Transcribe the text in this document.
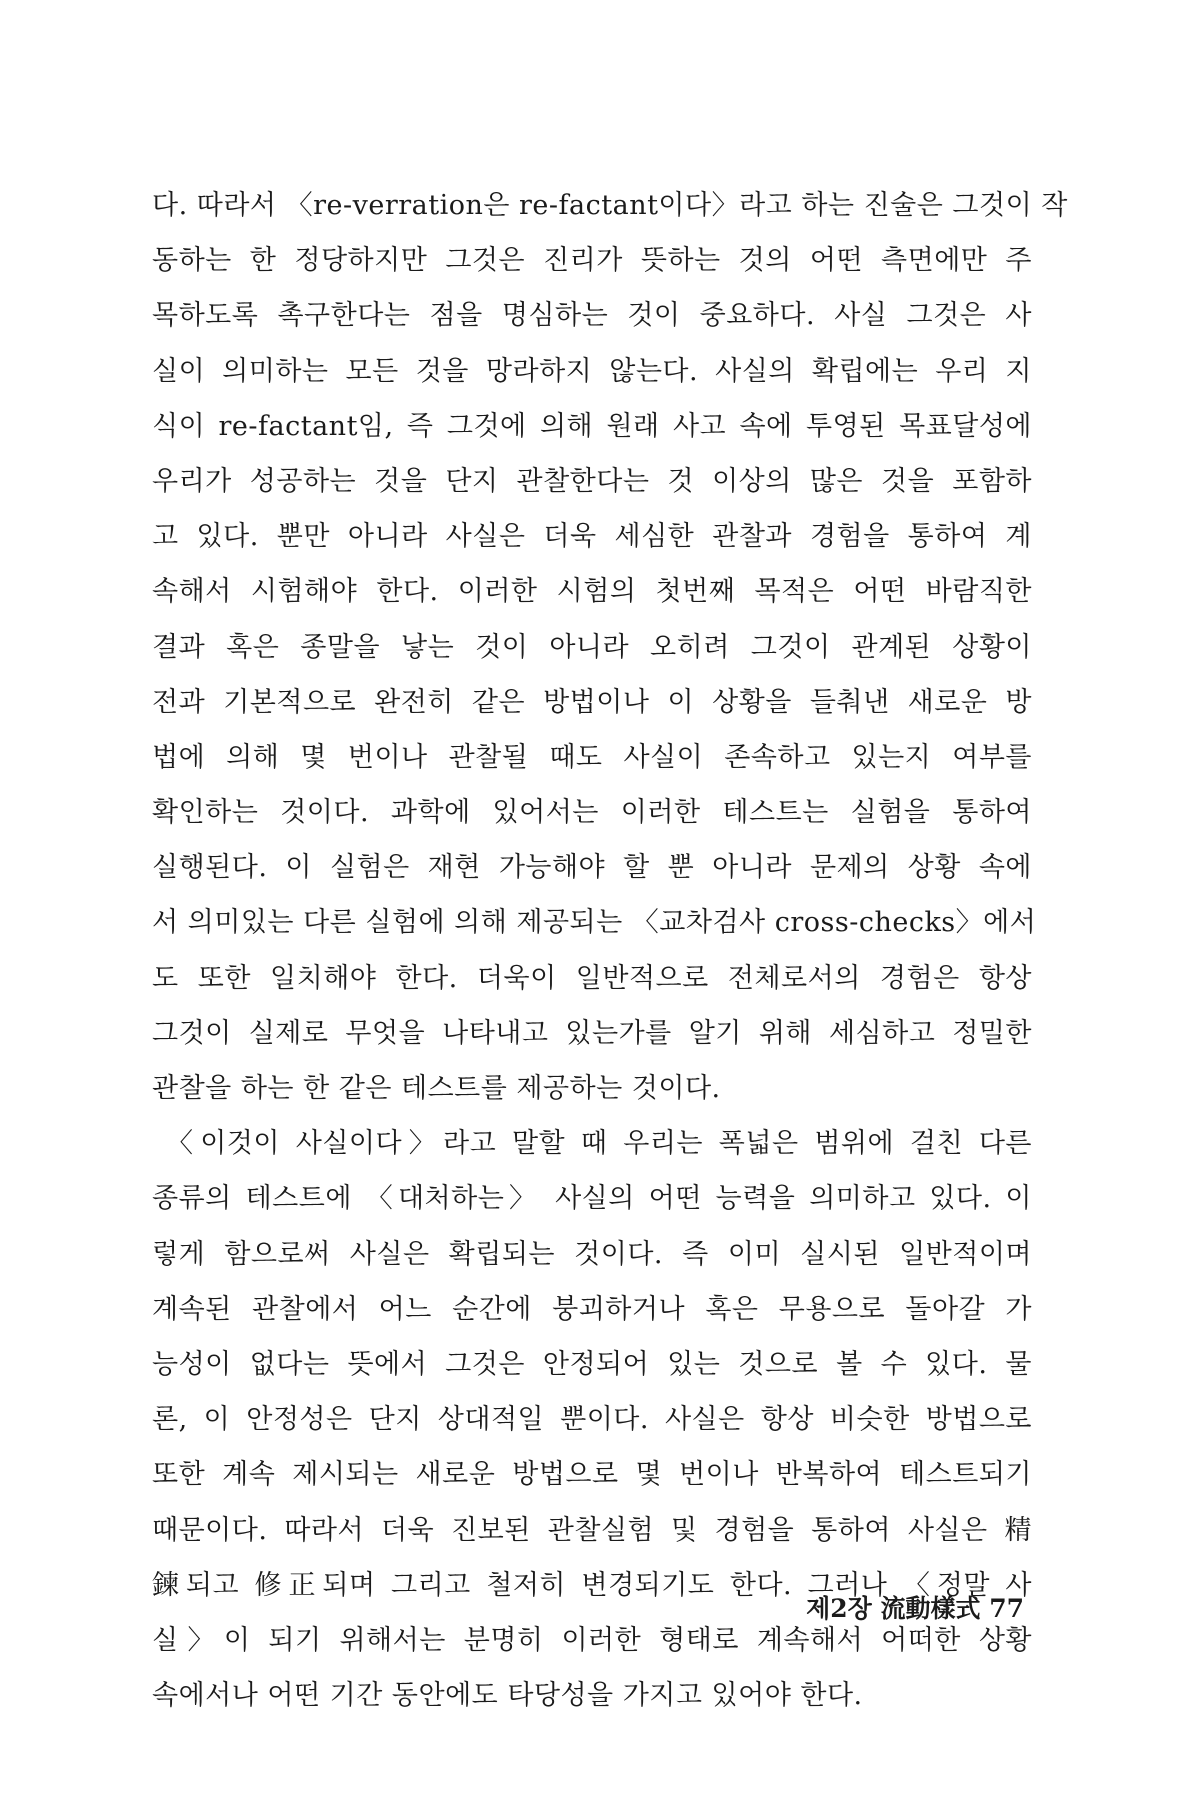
다. 따라서 〈re-verration은 re-factant이다〉라고 하는 진술은 그것이 작
동하는 한 정당하지만 그것은 진리가 뜻하는 것의 어떤 측면에만 주
목하도록 촉구한다는 점을 명심하는 것이 중요하다. 사실 그것은 사
실이 의미하는 모든 것을 망라하지 않는다. 사실의 확립에는 우리 지
식이 re-factant임, 즉 그것에 의해 원래 사고 속에 투영된 목표달성에
우리가 성공하는 것을 단지 관찰한다는 것 이상의 많은 것을 포함하
고 있다. 뿐만 아니라 사실은 더욱 세심한 관찰과 경험을 통하여 계
속해서 시험해야 한다. 이러한 시험의 첫번째 목적은 어떤 바람직한
결과 혹은 종말을 낳는 것이 아니라 오히려 그것이 관계된 상황이
전과 기본적으로 완전히 같은 방법이나 이 상황을 들춰낸 새로운 방
법에 의해 몇 번이나 관찰될 때도 사실이 존속하고 있는지 여부를
확인하는 것이다. 과학에 있어서는 이러한 테스트는 실험을 통하여
실행된다. 이 실험은 재현 가능해야 할 뿐 아니라 문제의 상황 속에
서 의미있는 다른 실험에 의해 제공되는 〈교차검사 cross-checks〉에서
도 또한 일치해야 한다. 더욱이 일반적으로 전체로서의 경험은 항상
그것이 실제로 무엇을 나타내고 있는가를 알기 위해 세심하고 정밀한
관찰을 하는 한 같은 테스트를 제공하는 것이다.
〈이것이 사실이다〉라고 말할 때 우리는 폭넓은 범위에 걸친 다른
종류의 테스트에 〈대처하는〉 사실의 어떤 능력을 의미하고 있다. 이
렇게 함으로써 사실은 확립되는 것이다. 즉 이미 실시된 일반적이며
계속된 관찰에서 어느 순간에 붕괴하거나 혹은 무용으로 돌아갈 가
능성이 없다는 뜻에서 그것은 안정되어 있는 것으로 볼 수 있다. 물
론, 이 안정성은 단지 상대적일 뿐이다. 사실은 항상 비슷한 방법으로
또한 계속 제시되는 새로운 방법으로 몇 번이나 반복하여 테스트되기
때문이다. 따라서 더욱 진보된 관찰실험 및 경험을 통하여 사실은 精
鍊되고 修正되며 그리고 철저히 변경되기도 한다. 그러나 〈정말 사
실〉이 되기 위해서는 분명히 이러한 형태로 계속해서 어떠한 상황
속에서나 어떤 기간 동안에도 타당성을 가지고 있어야 한다.
제2장 流動樣式 77
